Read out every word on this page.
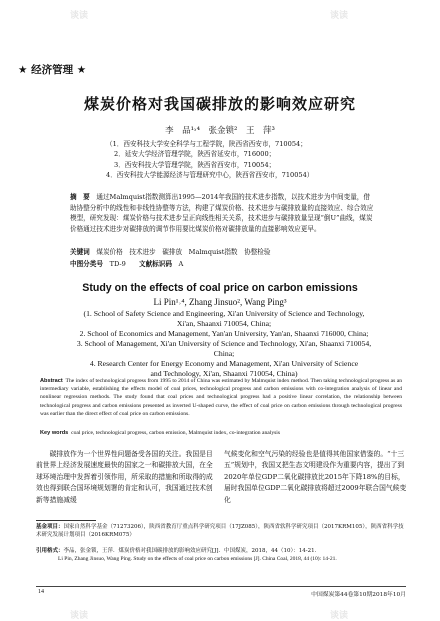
★ 经济管理 ★
煤炭价格对我国碳排放的影响效应研究
李　品¹˒⁴　张金锁²　王　萍³
（1．西安科技大学安全科学与工程学院，陕西省西安市，710054；
2．延安大学经济管理学院，陕西省延安市，716000；
3．西安科技大学管理学院，陕西省西安市，710054；
4．西安科技大学能源经济与管理研究中心，陕西省西安市，710054）
摘　要　 通过Malmquist指数测算出1995—2014年我国的技术进步指数，以技术进步为中间变量，借助协整分析中的线性和非线性协整等方法，构建了煤炭价格、技术进步与碳排放量的直接效应、综合效应模型，研究发现：煤炭价格与技术进步呈正向线性相关关系，技术进步与碳排放量呈现“倒U”曲线，煤炭价格通过技术进步对碳排放的调节作用要比煤炭价格对碳排放量的直接影响效应更早。
关键词　 煤炭价格　技术进步　碳排放　Malmquist指数　协整检验
中图分类号　 TD-9　　 文献标识码　 A
Study on the effects of coal price on carbon emissions
Li Pin¹˒⁴, Zhang Jinsuo², Wang Ping³
(1. School of Safety Science and Engineering, Xi'an University of Science and Technology,
Xi'an, Shaanxi 710054, China;
2. School of Economics and Management, Yan'an University, Yan'an, Shaanxi 716000, China;
3. School of Management, Xi'an University of Science and Technology, Xi'an, Shaanxi 710054, China;
4. Research Center for Energy Economy and Management, Xi'an University of Science
and Technology, Xi'an, Shaanxi 710054, China)
Abstract The index of technological progress from 1995 to 2014 of China was estimated by Malmquist index method. Then taking technological progress as an intermediary variable, establishing the effects model of coal prices, technological progress and carbon emissions with co-integration analysis of linear and nonlinear regression methods. The study found that coal prices and technological progress had a positive linear correlation, the relationship between technological progress and carbon emissions presented as inverted U-shaped curve, the effect of coal price on carbon emissions through technological progress was earlier than the direct effect of coal price on carbon emissions.
Key words coal price, technological progress, carbon emission, Malmquist index, co-integration analysis
碳排放作为一个世界性问题备受各国的关注。我国是目前世界上经济发展速度最快的国家之一和碳排放大国，在全球环境治理中发挥着引领作用，所采取的措施和所取得的成效也得到联合国环境规划署的肯定和认可，我国通过技术创新等措施减缓
气候变化和空气污染的经验也是值得其他国家借鉴的。“十三五”规划中，我国又把生态文明建设作为重要内容，提出了到2020年单位GDP二氧化碳排放比2015年下降18%的目标，届时我国单位GDP二氧化碳排放将超过2009年联合国气候变化
基金项目：国家自然科学基金（71273206），陕西省教育厅重点科学研究项目（17JZ085），陕西省软科学研究项目（2017KRM105），陕西省科学技术研究发展计划项目（2016KRM075）
引用格式：李品，张金锁，王萍．煤炭价格对我国碳排放的影响效应研究[J]．中国煤炭，2018，44（10）：14-21．
Li Pin, Zhang Jinsuo, Wang Ping. Study on the effects of coal price on carbon emissions [J]. China Coal, 2018, 44 (10): 14-21.
14	中国煤炭第44卷第10期2018年10月
谈读	谈读
谈读	谈读
